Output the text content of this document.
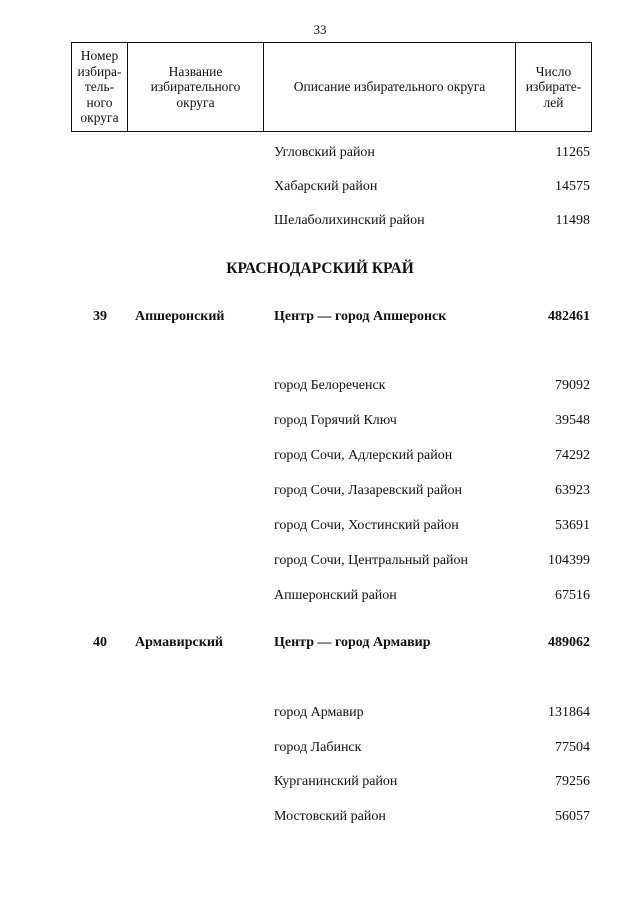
33
Номер
избира-
тель-
ного
округа	Название
избирательного
округа	Описание избирательного округа	Число
избирате-
лей
Угловский район	11265
Хабарский район	14575
Шелаболихинский район	11498
КРАСНОДАРСКИЙ КРАЙ
39 Апшеронский	Центр — город Апшеронск	482461
город Белореченск	79092
город Горячий Ключ	39548
город Сочи, Адлерский район	74292
город Сочи, Лазаревский район	63923
город Сочи, Хостинский район	53691
город Сочи, Центральный район	104399
Апшеронский район	67516
40 Армавирский	Центр — город Армавир	489062
город Армавир	131864
город Лабинск	77504
Курганинский район	79256
Мостовский район	56057
